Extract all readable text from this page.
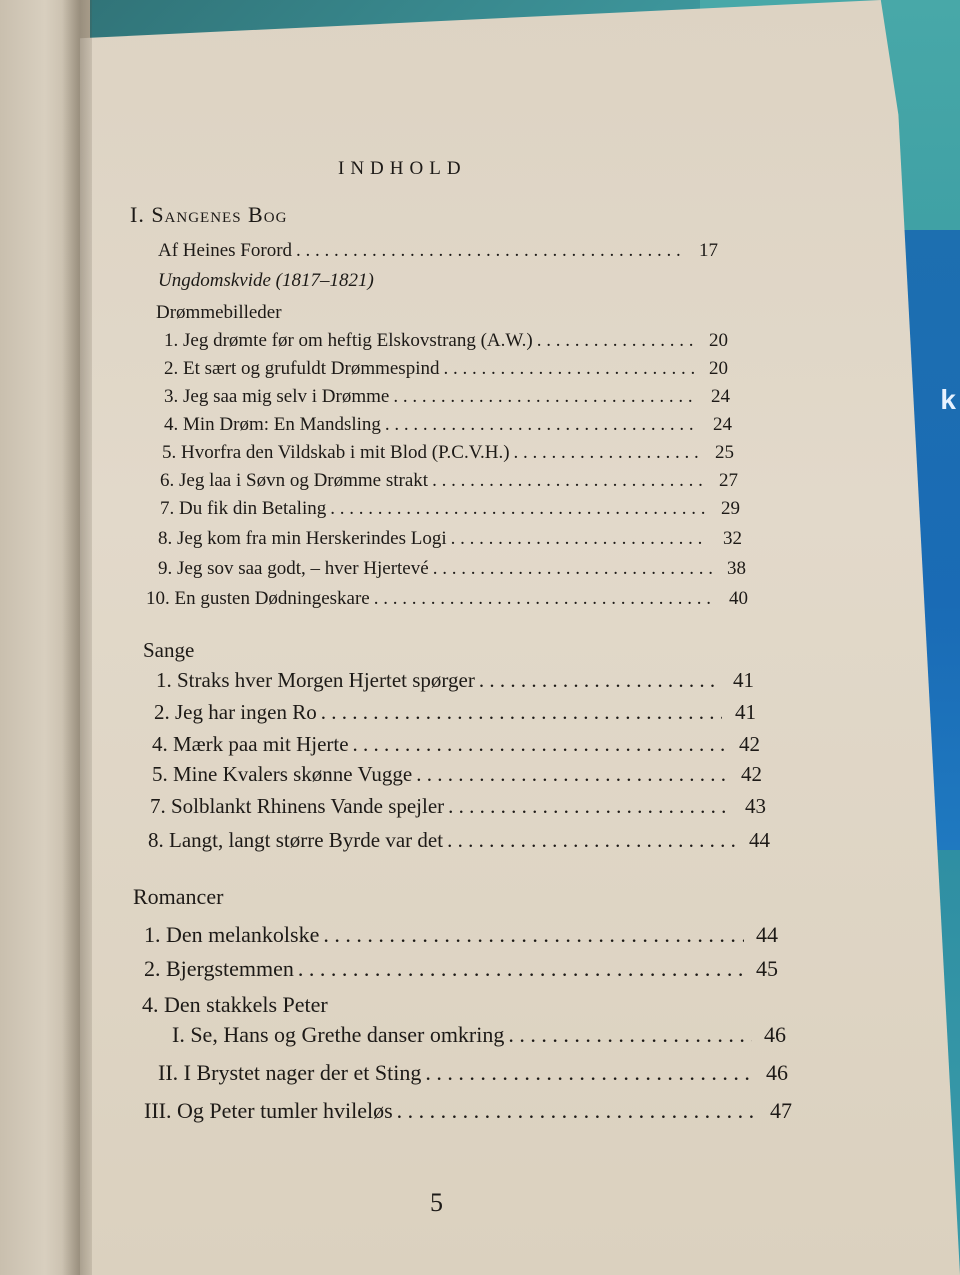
k
INDHOLD
I. Sangenes Bog
Af Heines Forord . . .	17
Ungdomskvide (1817–1821)
Drømmebilleder
1. Jeg drømte før om heftig Elskovstrang (A.W.) . . .	20
2. Et sært og grufuldt Drømmespind . . .	20
3. Jeg saa mig selv i Drømme . . .	24
4. Min Drøm: En Mandsling . . .	24
5. Hvorfra den Vildskab i mit Blod (P.C.V.H.) . . .	25
6. Jeg laa i Søvn og Drømme strakt . . .	27
7. Du fik din Betaling . . .	29
8. Jeg kom fra min Herskerindes Logi . . .	32
9. Jeg sov saa godt, – hver Hjertevé . . .	38
10. En gusten Dødningeskare . . .	40
Sange
1. Straks hver Morgen Hjertet spørger . . .	41
2. Jeg har ingen Ro . . .	41
4. Mærk paa mit Hjerte . . .	42
5. Mine Kvalers skønne Vugge . . .	42
7. Solblankt Rhinens Vande spejler . . .	43
8. Langt, langt større Byrde var det . . .	44
Romancer
1. Den melankolske . . .	44
2. Bjergstemmen . . .	45
4. Den stakkels Peter
I. Se, Hans og Grethe danser omkring . . .	46
II. I Brystet nager der et Sting . . .	46
III. Og Peter tumler hvileløs . . .	47
5
